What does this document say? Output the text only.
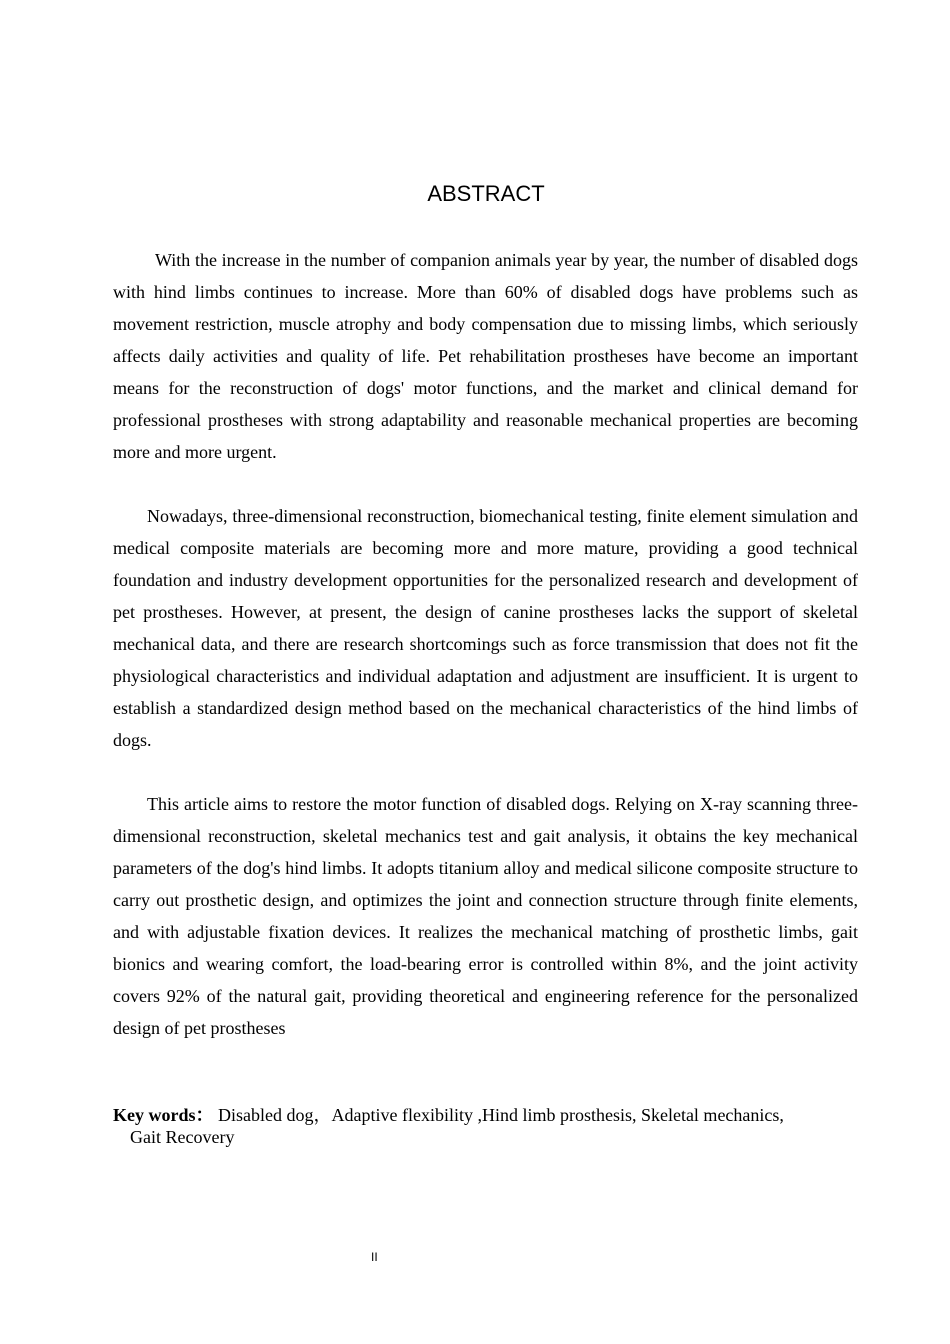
ABSTRACT

With the increase in the number of companion animals year by year, the number of disabled dogs with hind limbs continues to increase. More than 60% of disabled dogs have problems such as movement restriction, muscle atrophy and body compensation due to missing limbs, which seriously affects daily activities and quality of life. Pet rehabilitation prostheses have become an important means for the reconstruction of dogs' motor functions, and the market and clinical demand for professional prostheses with strong adaptability and reasonable mechanical properties are becoming more and more urgent.

Nowadays, three-dimensional reconstruction, biomechanical testing, finite element simulation and medical composite materials are becoming more and more mature, providing a good technical foundation and industry development opportunities for the personalized research and development of pet prostheses. However, at present, the design of canine prostheses lacks the support of skeletal mechanical data, and there are research shortcomings such as force transmission that does not fit the physiological characteristics and individual adaptation and adjustment are insufficient. It is urgent to establish a standardized design method based on the mechanical characteristics of the hind limbs of dogs.

This article aims to restore the motor function of disabled dogs. Relying on X-ray scanning three-dimensional reconstruction, skeletal mechanics test and gait analysis, it obtains the key mechanical parameters of the dog's hind limbs. It adopts titanium alloy and medical silicone composite structure to carry out prosthetic design, and optimizes the joint and connection structure through finite elements, and with adjustable fixation devices. It realizes the mechanical matching of prosthetic limbs, gait bionics and wearing comfort, the load-bearing error is controlled within 8%, and the joint activity covers 92% of the natural gait, providing theoretical and engineering reference for the personalized design of pet prostheses

Key words： Disabled dog，Adaptive flexibility ,Hind limb prosthesis, Skeletal mechanics,
Gait Recovery
II
